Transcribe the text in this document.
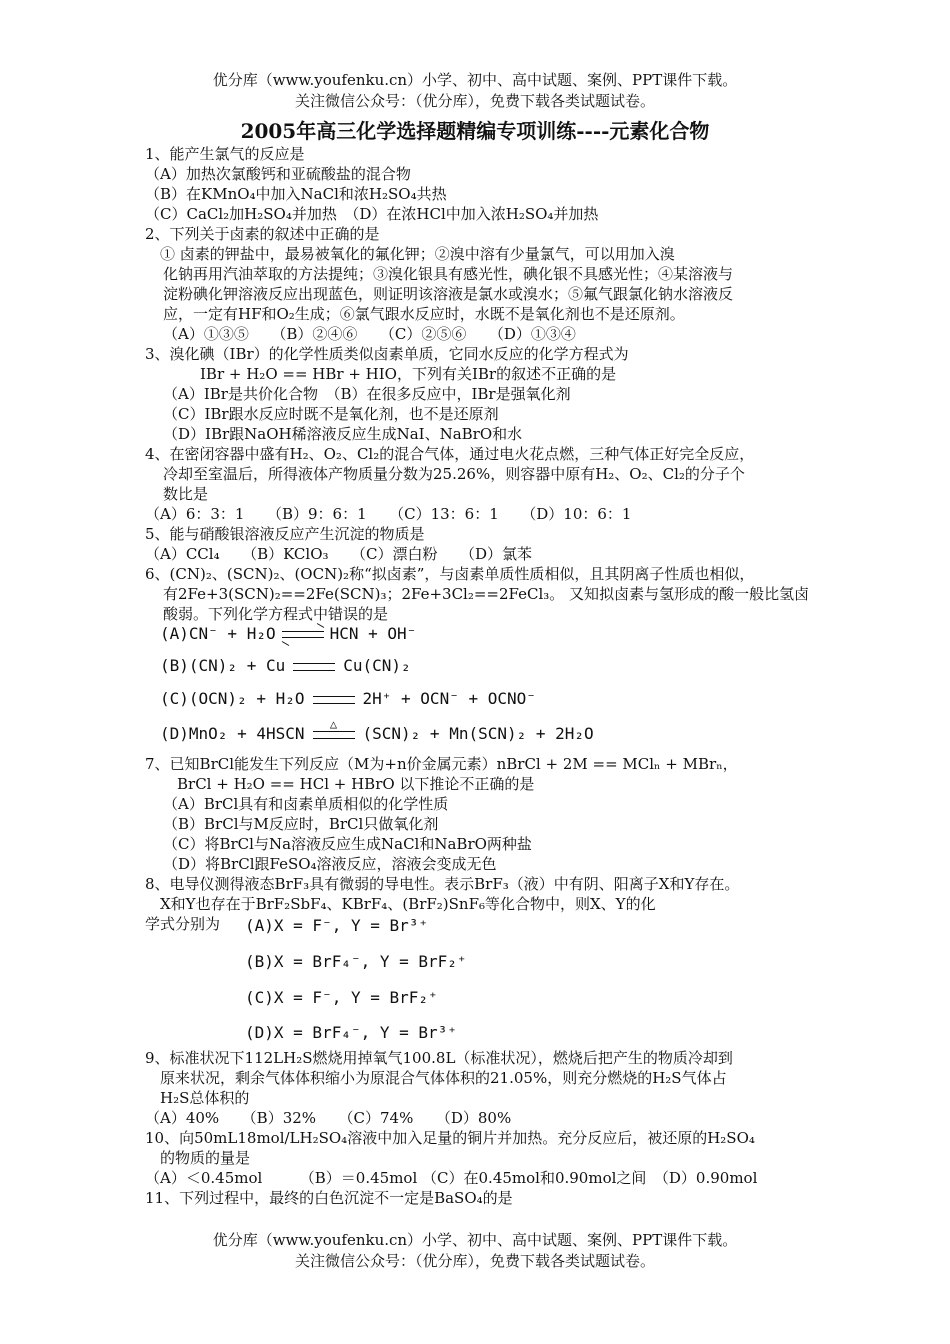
优分库（www.youfenku.cn）小学、初中、高中试题、案例、PPT课件下载。
关注微信公众号：（优分库），免费下载各类试题试卷。
2005年高三化学选择题精编专项训练----元素化合物
1、能产生氯气的反应是
（A）加热次氯酸钙和亚硫酸盐的混合物
（B）在KMnO₄中加入NaCl和浓H₂SO₄共热
（C）CaCl₂加H₂SO₄并加热　（D）在浓HCl中加入浓H₂SO₄并加热
2、下列关于卤素的叙述中正确的是
① 卤素的钾盐中，最易被氧化的氟化钾；②溴中溶有少量氯气，可以用加入溴
化钠再用汽油萃取的方法提纯；③溴化银具有感光性，碘化银不具感光性；④某溶液与
淀粉碘化钾溶液反应出现蓝色，则证明该溶液是氯水或溴水；⑤氟气跟氯化钠水溶液反
应，一定有HF和O₂生成；⑥氯气跟水反应时，水既不是氧化剂也不是还原剂。
（A）①③⑤　　（B）②④⑥　　（C）②⑤⑥　　（D）①③④
3、溴化碘（IBr）的化学性质类似卤素单质，它同水反应的化学方程式为
IBr + H₂O == HBr + HIO，下列有关IBr的叙述不正确的是
（A）IBr是共价化合物　（B）在很多反应中，IBr是强氧化剂
（C）IBr跟水反应时既不是氧化剂，也不是还原剂
（D）IBr跟NaOH稀溶液反应生成NaI、NaBrO和水
4、在密闭容器中盛有H₂、O₂、Cl₂的混合气体，通过电火花点燃，三种气体正好完全反应，
冷却至室温后，所得液体产物质量分数为25.26%，则容器中原有H₂、O₂、Cl₂的分子个
数比是
（A）6：3：1　　（B）9：6：1　　（C）13：6：1　　（D）10：6：1
5、能与硝酸银溶液反应产生沉淀的物质是
（A）CCl₄　　（B）KClO₃　　（C）漂白粉　　（D）氯苯
6、(CN)₂、(SCN)₂、(OCN)₂称“拟卤素”，与卤素单质性质相似，且其阴离子性质也相似，
有2Fe+3(SCN)₂==2Fe(SCN)₃；2Fe+3Cl₂==2FeCl₃。 又知拟卤素与氢形成的酸一般比氢卤
酸弱。下列化学方程式中错误的是
(A)CN⁻ + H₂O	HCN + OH⁻
(B)(CN)₂ + Cu	Cu(CN)₂
(C)(OCN)₂ + H₂O	2H⁺ + OCN⁻ + OCNO⁻
(D)MnO₂ + 4HSCN
△
(SCN)₂ + Mn(SCN)₂ + 2H₂O
7、已知BrCl能发生下列反应（M为+n价金属元素）nBrCl + 2M == MClₙ + MBrₙ，
BrCl + H₂O == HCl + HBrO 以下推论不正确的是
（A）BrCl具有和卤素单质相似的化学性质
（B）BrCl与M反应时，BrCl只做氧化剂
（C）将BrCl与Na溶液反应生成NaCl和NaBrO两种盐
（D）将BrCl跟FeSO₄溶液反应，溶液会变成无色
8、电导仪测得液态BrF₃具有微弱的导电性。表示BrF₃（液）中有阴、阳离子X和Y存在。
X和Y也存在于BrF₂SbF₄、KBrF₄、(BrF₂)SnF₆等化合物中，则X、Y的化
学式分别为 (A)X = F⁻, Y = Br³⁺
(B)X = BrF₄⁻, Y = BrF₂⁺
(C)X = F⁻, Y = BrF₂⁺
(D)X = BrF₄⁻, Y = Br³⁺
9、标准状况下112LH₂S燃烧用掉氧气100.8L（标准状况），燃烧后把产生的物质冷却到
原来状况，剩余气体体积缩小为原混合气体体积的21.05%，则充分燃烧的H₂S气体占
H₂S总体积的
（A）40%　　（B）32%　　（C）74%　　（D）80%
10、向50mL18mol/LH₂SO₄溶液中加入足量的铜片并加热。充分反应后，被还原的H₂SO₄
的物质的量是
（A）＜0.45mol　　　（B）＝0.45mol （C）在0.45mol和0.90mol之间　（D）0.90mol
11、下列过程中，最终的白色沉淀不一定是BaSO₄的是
优分库（www.youfenku.cn）小学、初中、高中试题、案例、PPT课件下载。
关注微信公众号：（优分库），免费下载各类试题试卷。
